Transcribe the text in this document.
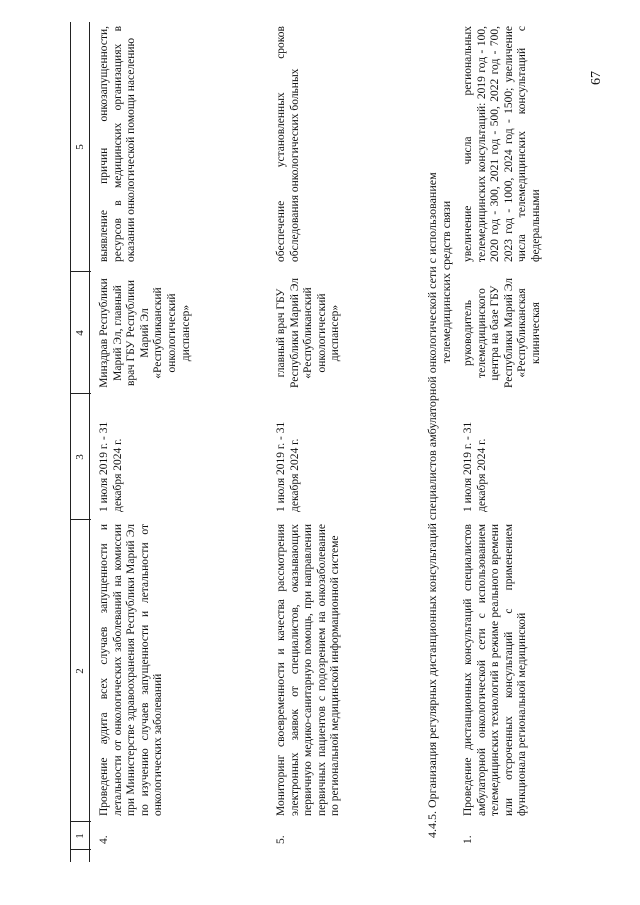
67
1
2
3
4
5
4.
Проведение аудита всех случаев запущенности и летальности от онкологических заболеваний на комиссии при Министерстве здравоохранения Республики Марий Эл по изучению случаев запущенности и летальности от онкологических заболеваний
1 июля 2019 г. - 31 декабря 2024 г.
Минздрав Республики Марий Эл, главный врач ГБУ Республики Марий Эл «Республиканский онкологический диспансер»
выявление причин онкозапущенности, ресурсов в медицинских организациях в оказании онкологической помощи населению
5.
Мониторинг своевременности и качества рассмотрения электронных заявок от специалистов, оказывающих первичную медико-санитарную помощь, при направлении первичных пациентов с подозрением на онкозаболевание по региональной медицинской информационной системе
1 июля 2019 г. - 31 декабря 2024 г.
главный врач ГБУ Республики Марий Эл «Республиканский онкологический диспансер»
обеспечение установленных сроков обследования онкологических больных
4.4.5. Организация регулярных дистанционных консультаций специалистов амбулаторной онкологической сети с использованием телемедицинских средств связи
1.
Проведение дистанционных консультаций специалистов амбулаторной онкологической сети с использованием телемедицинских технологий в режиме реального времени или отсроченных консультаций с применением функционала региональной медицинской
1 июля 2019 г. - 31 декабря 2024 г.
руководитель телемедицинского центра на базе ГБУ Республики Марий Эл «Республиканская клиническая
увеличение числа региональных телемедицинских консультаций: 2019 год - 100, 2020 год - 300, 2021 год - 500, 2022 год - 700, 2023 год - 1000, 2024 год - 1500; увеличение числа телемедицинских консультаций с федеральными
